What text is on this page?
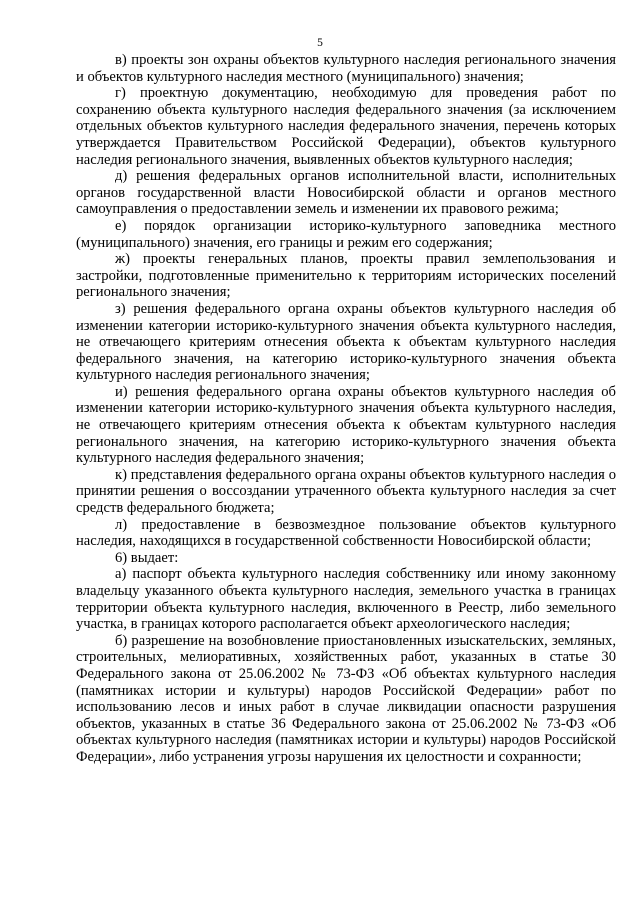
5

в) проекты зон охраны объектов культурного наследия регионального значения и объектов культурного наследия местного (муниципального) значения;

г) проектную документацию, необходимую для проведения работ по сохранению объекта культурного наследия федерального значения (за исключением отдельных объектов культурного наследия федерального значения, перечень которых утверждается Правительством Российской Федерации), объектов культурного наследия регионального значения, выявленных объектов культурного наследия;

д) решения федеральных органов исполнительной власти, исполнительных органов государственной власти Новосибирской области и органов местного самоуправления о предоставлении земель и изменении их правового режима;

е) порядок организации историко-культурного заповедника местного (муниципального) значения, его границы и режим его содержания;

ж) проекты генеральных планов, проекты правил землепользования и застройки, подготовленные применительно к территориям исторических поселений регионального значения;

з) решения федерального органа охраны объектов культурного наследия об изменении категории историко-культурного значения объекта культурного наследия, не отвечающего критериям отнесения объекта к объектам культурного наследия федерального значения, на категорию историко-культурного значения объекта культурного наследия регионального значения;

и) решения федерального органа охраны объектов культурного наследия об изменении категории историко-культурного значения объекта культурного наследия, не отвечающего критериям отнесения объекта к объектам культурного наследия регионального значения, на категорию историко-культурного значения объекта культурного наследия федерального значения;

к) представления федерального органа охраны объектов культурного наследия о принятии решения о воссоздании утраченного объекта культурного наследия за счет средств федерального бюджета;

л) предоставление в безвозмездное пользование объектов культурного наследия, находящихся в государственной собственности Новосибирской области;

6) выдает:

а) паспорт объекта культурного наследия собственнику или иному законному владельцу указанного объекта культурного наследия, земельного участка в границах территории объекта культурного наследия, включенного в Реестр, либо земельного участка, в границах которого располагается объект археологического наследия;

б) разрешение на возобновление приостановленных изыскательских, земляных, строительных, мелиоративных, хозяйственных работ, указанных в статье 30 Федерального закона от 25.06.2002 № 73-ФЗ «Об объектах культурного наследия (памятниках истории и культуры) народов Российской Федерации» работ по использованию лесов и иных работ в случае ликвидации опасности разрушения объектов, указанных в статье 36 Федерального закона от 25.06.2002 № 73-ФЗ «Об объектах культурного наследия (памятниках истории и культуры) народов Российской Федерации», либо устранения угрозы нарушения их целостности и сохранности;
